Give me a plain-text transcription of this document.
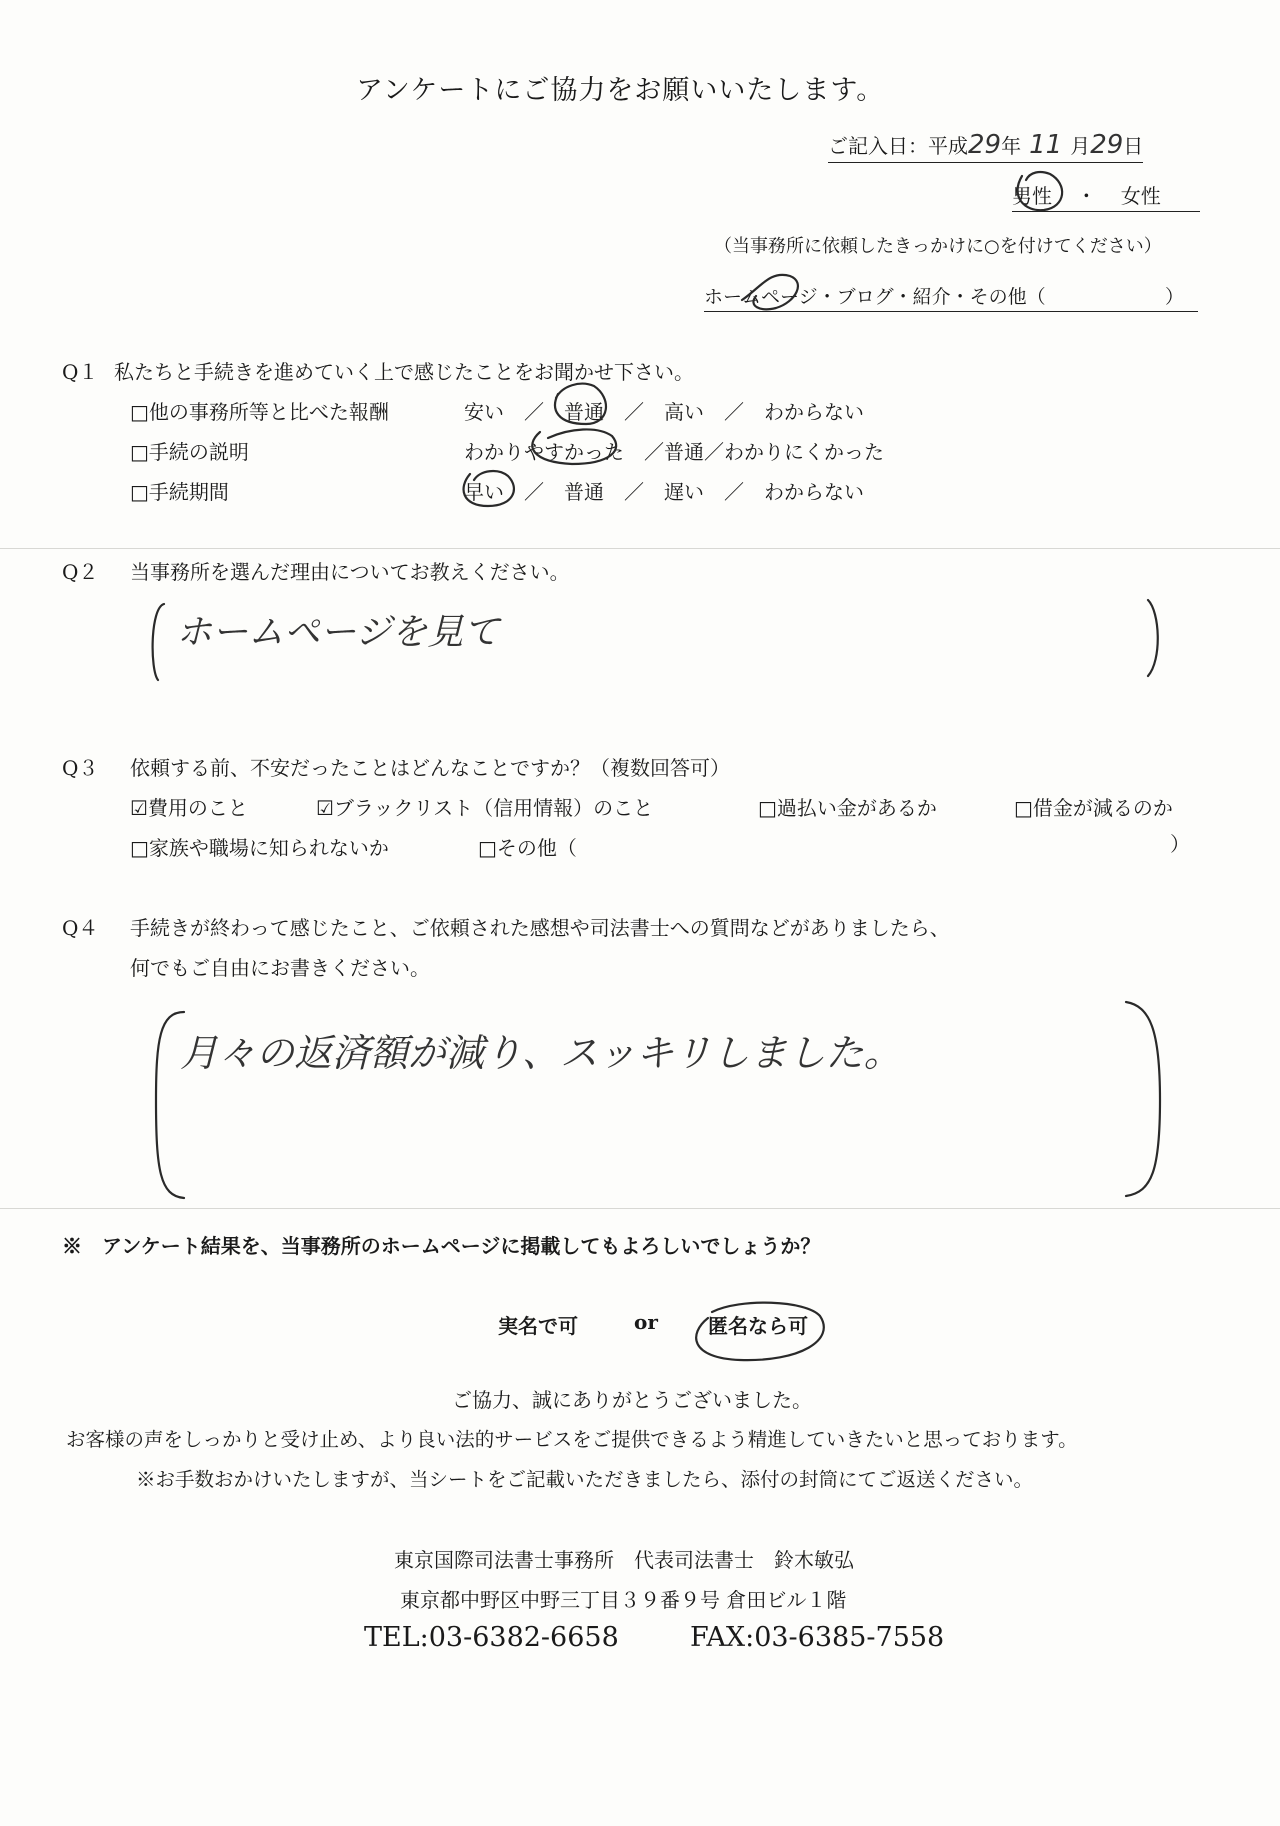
アンケートにご協力をお願いいたします。
ご記入日：平成29年 11 月29日
男性 ・ 女性
（当事務所に依頼したきっかけに○を付けてください）
ホームページ・ブログ・紹介・その他（	）
Q１ 私たちと手続きを進めていく上で感じたことをお聞かせ下さい。
□他の事務所等と比べた報酬	安い　／　普通　／　高い　／　わからない
□手続の説明	わかりやすかった　／普通／わかりにくかった
□手続期間	早い　／　普通　／　遅い　／　わからない
Q２ 当事務所を選んだ理由についてお教えください。
ホームページを見て
Q３ 依頼する前、不安だったことはどんなことですか？（複数回答可）
☑費用のこと	☑ブラックリスト（信用情報）のこと	□過払い金があるか	□借金が減るのか
□家族や職場に知られないか	□その他（	）
Q４ 手続きが終わって感じたこと、ご依頼された感想や司法書士への質問などがありましたら、
何でもご自由にお書きください。
月々の返済額が減り、スッキリしました。
※　アンケート結果を、当事務所のホームページに掲載してもよろしいでしょうか？
実名で可	or	匿名なら可
ご協力、誠にありがとうございました。
お客様の声をしっかりと受け止め、より良い法的サービスをご提供できるよう精進していきたいと思っております。
※お手数おかけいたしますが、当シートをご記載いただきましたら、添付の封筒にてご返送ください。
東京国際司法書士事務所　代表司法書士　鈴木敏弘
東京都中野区中野三丁目３９番９号 倉田ビル１階
TEL:03-6382-6658	FAX:03-6385-7558
